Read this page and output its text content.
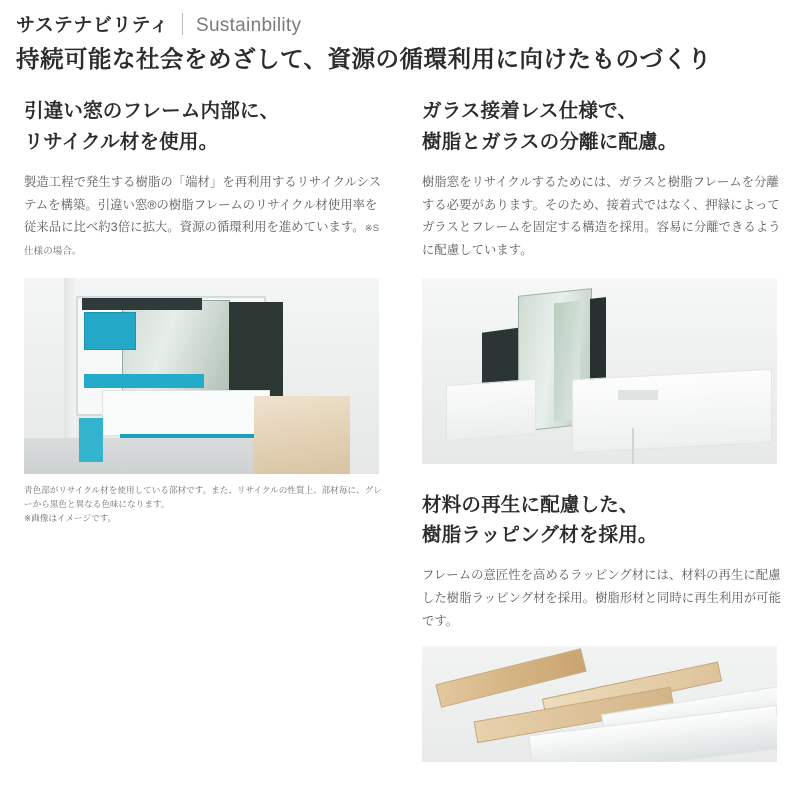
サステナビリティ Sustainbility
持続可能な社会をめざして、資源の循環利用に向けたものづくり
引違い窓のフレーム内部に、
リサイクル材を使用。

製造工程で発生する樹脂の「端材」を再利用するリサイクルシステムを構築。引違い窓®の樹脂フレームのリサイクル材使用率を従来品に比べ約3倍に拡大。資源の循環利用を進めています。※S仕様の場合。

青色部がリサイクル材を使用している部材です。また、リサイクルの性質上、部材毎に、グレーから黒色と異なる色味になります。
※画像はイメージです。

ガラス接着レス仕様で、
樹脂とガラスの分離に配慮。

樹脂窓をリサイクルするためには、ガラスと樹脂フレームを分離する必要があります。そのため、接着式ではなく、押縁によってガラスとフレームを固定する構造を採用。容易に分離できるように配慮しています。

材料の再生に配慮した、
樹脂ラッピング材を採用。

フレームの意匠性を高めるラッピング材には、材料の再生に配慮した樹脂ラッピング材を採用。樹脂形材と同時に再生利用が可能です。
